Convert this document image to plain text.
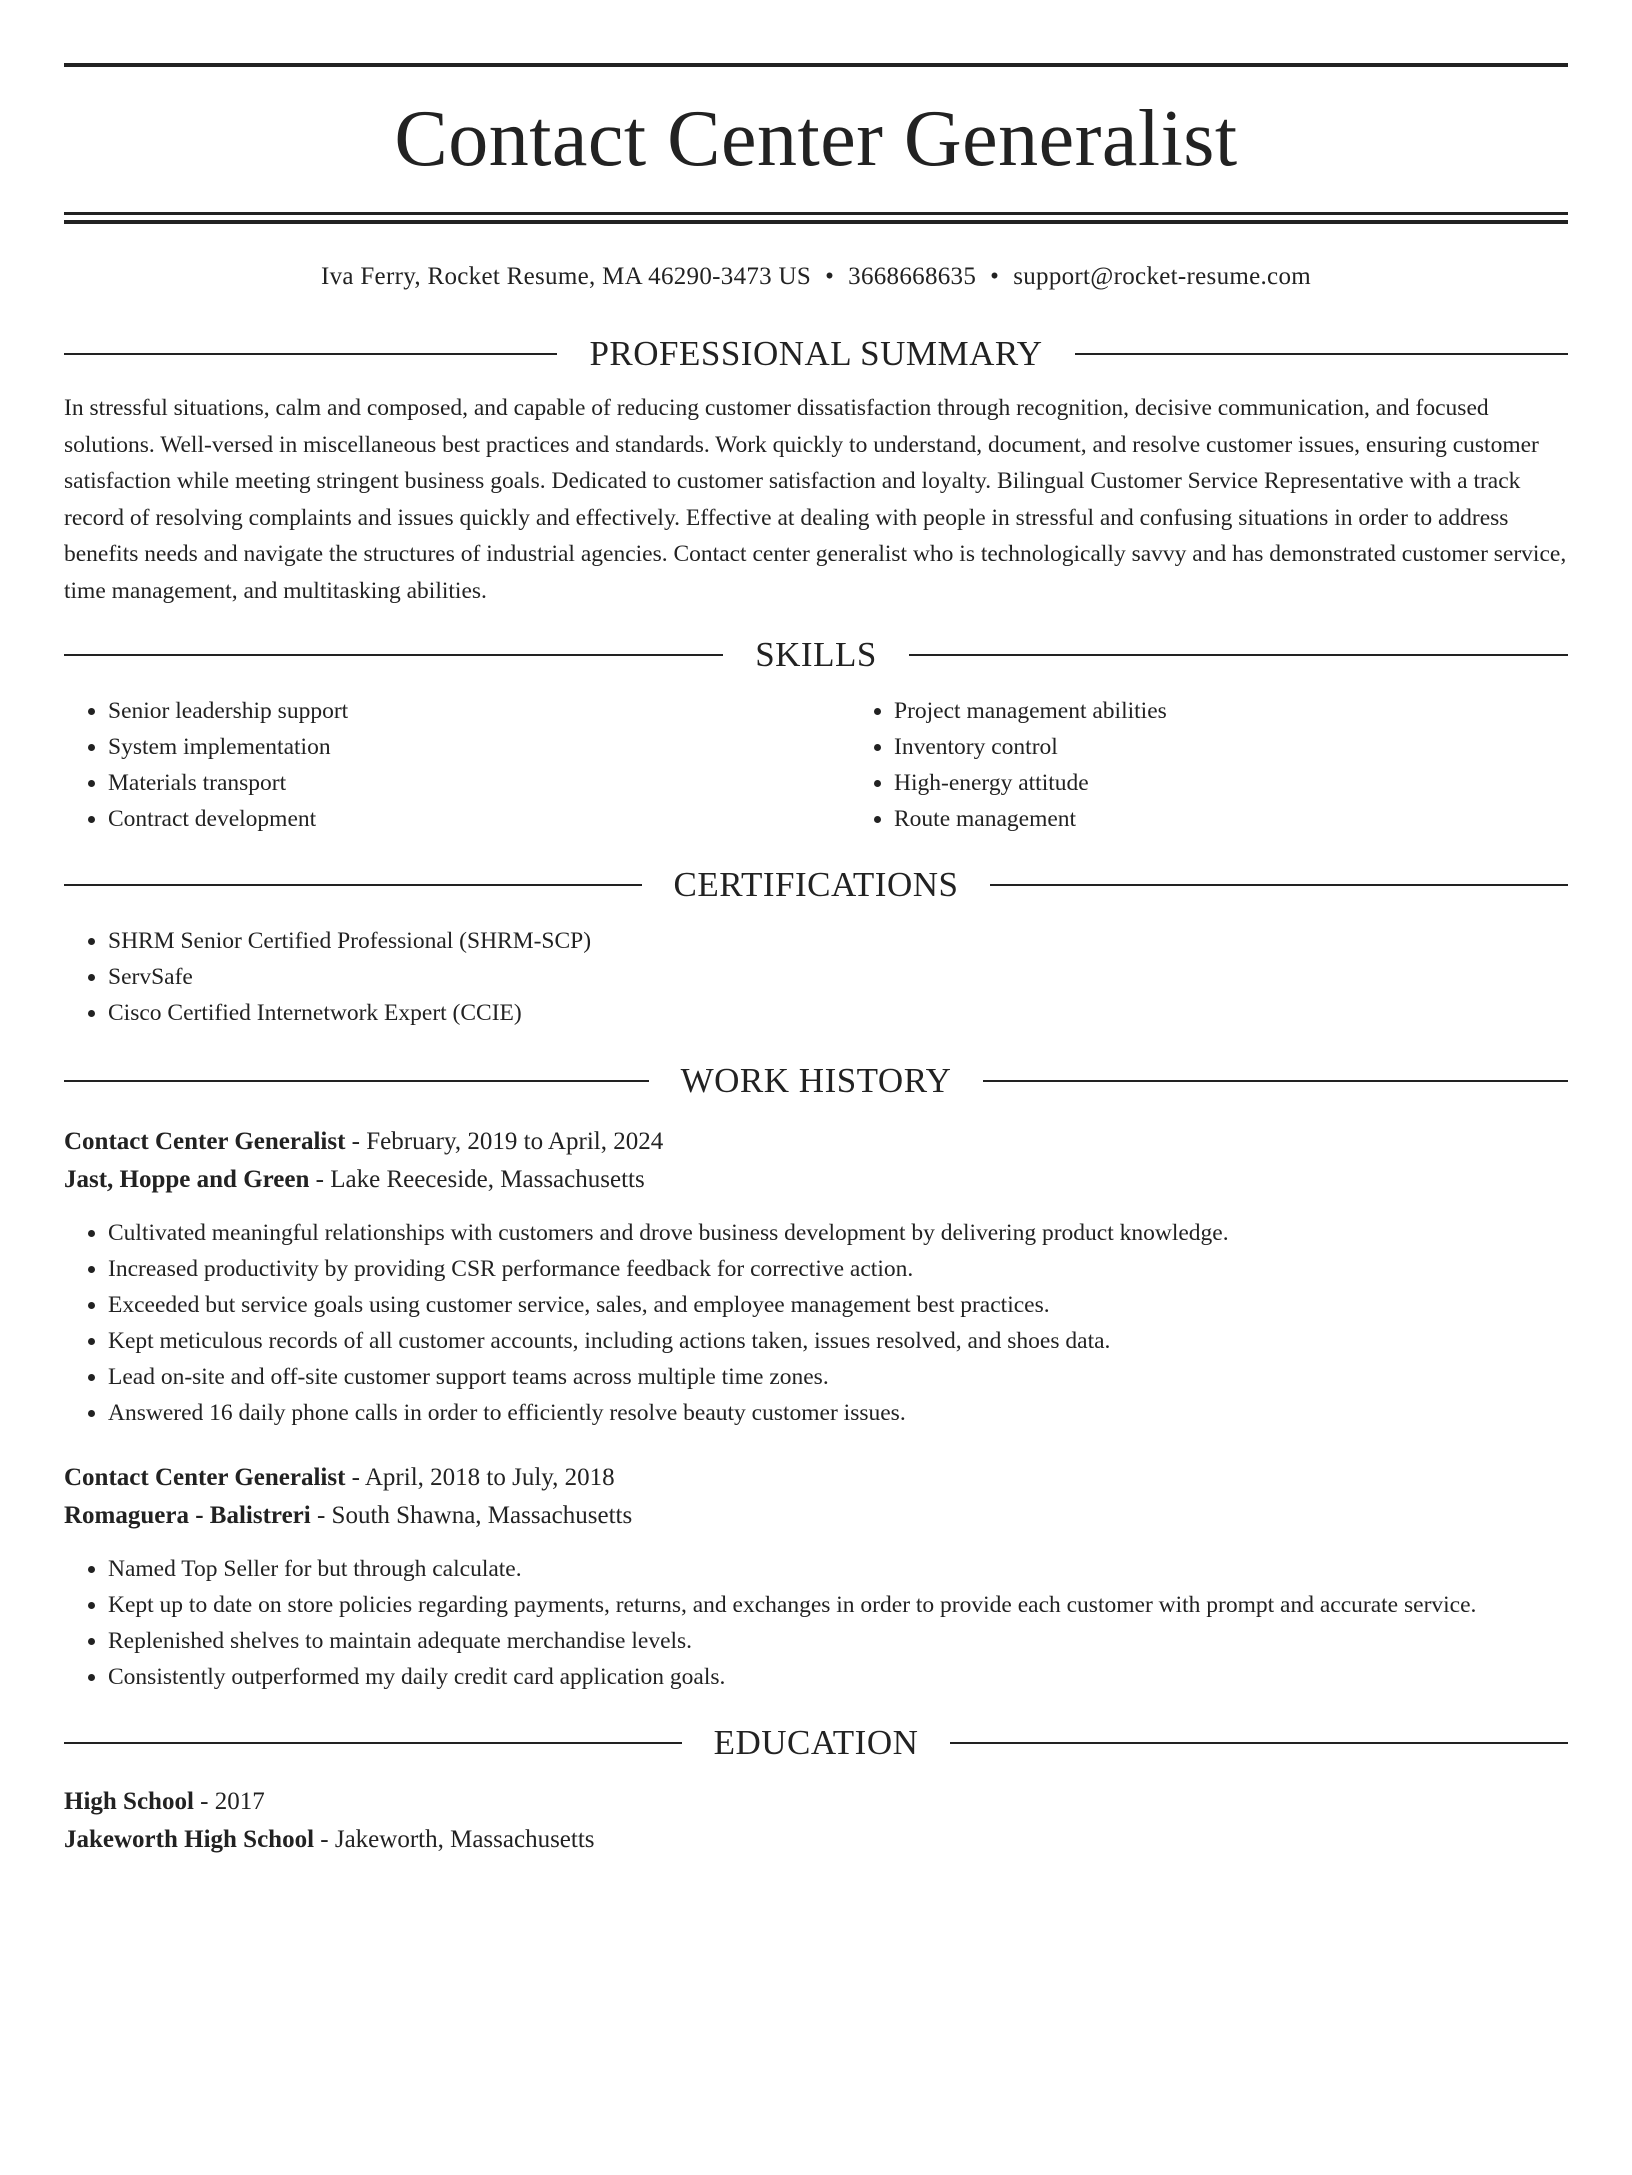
Contact Center Generalist
Iva Ferry, Rocket Resume, MA 46290-3473 US • 3668668635 • support@rocket-resume.com
PROFESSIONAL SUMMARY

In stressful situations, calm and composed, and capable of reducing customer dissatisfaction through recognition, decisive communication, and focused solutions. Well-versed in miscellaneous best practices and standards. Work quickly to understand, document, and resolve customer issues, ensuring customer satisfaction while meeting stringent business goals. Dedicated to customer satisfaction and loyalty. Bilingual Customer Service Representative with a track record of resolving complaints and issues quickly and effectively. Effective at dealing with people in stressful and confusing situations in order to address benefits needs and navigate the structures of industrial agencies. Contact center generalist who is technologically savvy and has demonstrated customer service, time management, and multitasking abilities.

SKILLS
• Senior leadership support
• System implementation
• Materials transport
• Contract development
• Project management abilities
• Inventory control
• High-energy attitude
• Route management
CERTIFICATIONS
• SHRM Senior Certified Professional (SHRM-SCP)
• ServSafe
• Cisco Certified Internetwork Expert (CCIE)
WORK HISTORY
Contact Center Generalist - February, 2019 to April, 2024
Jast, Hoppe and Green - Lake Reeceside, Massachusetts
• Cultivated meaningful relationships with customers and drove business development by delivering product knowledge.
• Increased productivity by providing CSR performance feedback for corrective action.
• Exceeded but service goals using customer service, sales, and employee management best practices.
• Kept meticulous records of all customer accounts, including actions taken, issues resolved, and shoes data.
• Lead on-site and off-site customer support teams across multiple time zones.
• Answered 16 daily phone calls in order to efficiently resolve beauty customer issues.
Contact Center Generalist - April, 2018 to July, 2018
Romaguera - Balistreri - South Shawna, Massachusetts
• Named Top Seller for but through calculate.
• Kept up to date on store policies regarding payments, returns, and exchanges in order to provide each customer with prompt and accurate service.
• Replenished shelves to maintain adequate merchandise levels.
• Consistently outperformed my daily credit card application goals.
EDUCATION
High School - 2017
Jakeworth High School - Jakeworth, Massachusetts
